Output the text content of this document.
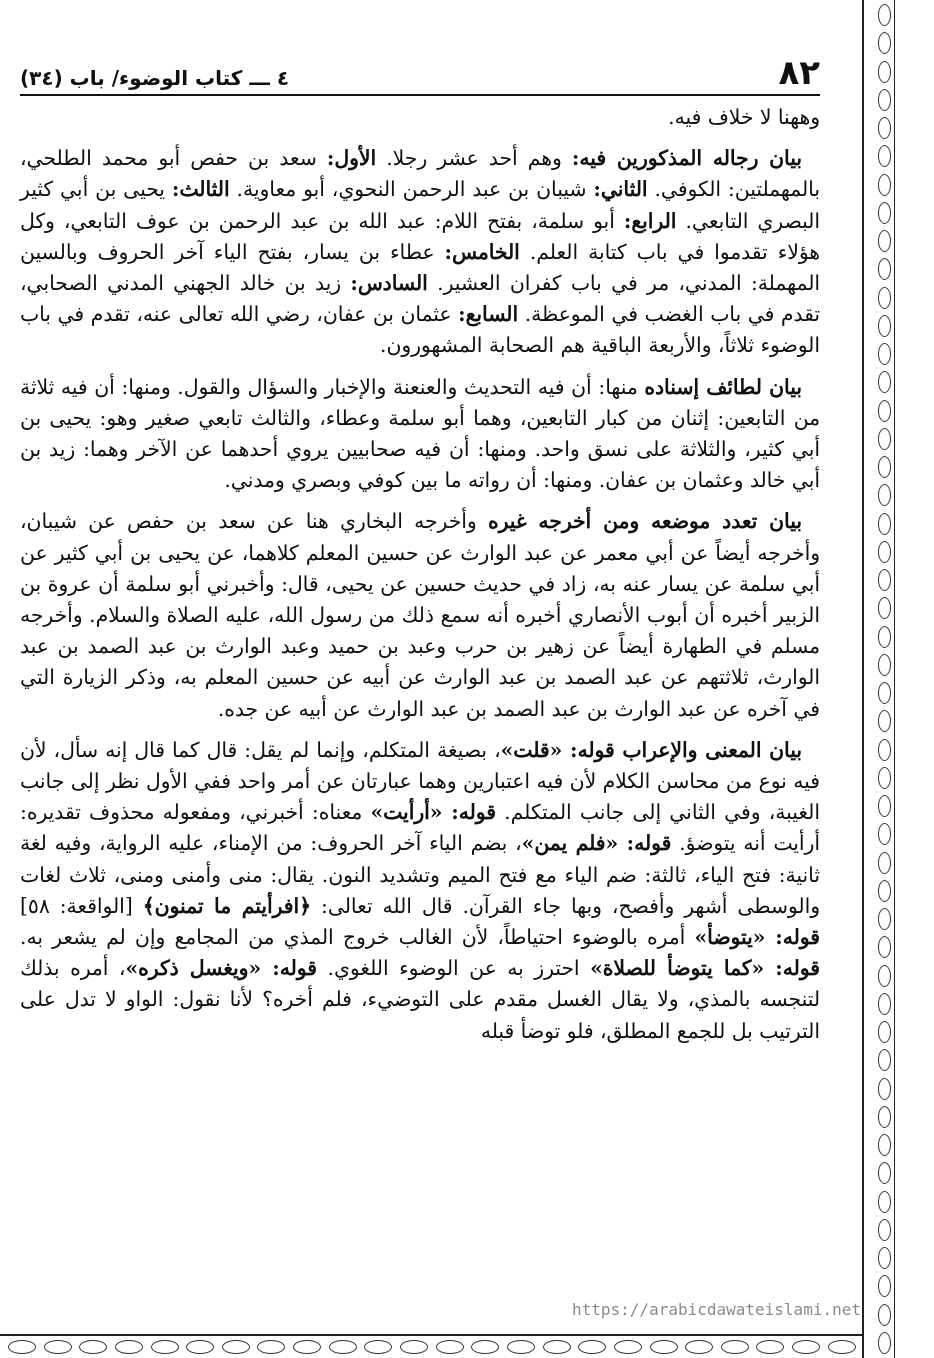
٨٢
٤ ـــ كتاب الوضوء/ باب (٣٤)

وههنا لا خلاف فيه.

بيان رجاله المذكورين فيه: وهم أحد عشر رجلا. الأول: سعد بن حفص أبو محمد الطلحي، بالمهملتين: الكوفي. الثاني: شيبان بن عبد الرحمن النحوي، أبو معاوية. الثالث: يحيى بن أبي كثير البصري التابعي. الرابع: أبو سلمة، بفتح اللام: عبد الله بن عبد الرحمن بن عوف التابعي، وكل هؤلاء تقدموا في باب كتابة العلم. الخامس: عطاء بن يسار، بفتح الياء آخر الحروف وبالسين المهملة: المدني، مر في باب كفران العشير. السادس: زيد بن خالد الجهني المدني الصحابي، تقدم في باب الغضب في الموعظة. السابع: عثمان بن عفان، رضي الله تعالى عنه، تقدم في باب الوضوء ثلاثاً، والأربعة الباقية هم الصحابة المشهورون.

بيان لطائف إسناده منها: أن فيه التحديث والعنعنة والإخبار والسؤال والقول. ومنها: أن فيه ثلاثة من التابعين: إثنان من كبار التابعين، وهما أبو سلمة وعطاء، والثالث تابعي صغير وهو: يحيى بن أبي كثير، والثلاثة على نسق واحد. ومنها: أن فيه صحابيين يروي أحدهما عن الآخر وهما: زيد بن أبي خالد وعثمان بن عفان. ومنها: أن رواته ما بين كوفي وبصري ومدني.

بيان تعدد موضعه ومن أخرجه غيره وأخرجه البخاري هنا عن سعد بن حفص عن شيبان، وأخرجه أيضاً عن أبي معمر عن عبد الوارث عن حسين المعلم كلاهما، عن يحيى بن أبي كثير عن أبي سلمة عن يسار عنه به، زاد في حديث حسين عن يحيى، قال: وأخبرني أبو سلمة أن عروة بن الزبير أخبره أن أبوب الأنصاري أخبره أنه سمع ذلك من رسول الله، عليه الصلاة والسلام. وأخرجه مسلم في الطهارة أيضاً عن زهير بن حرب وعبد بن حميد وعبد الوارث بن عبد الصمد بن عبد الوارث، ثلاثتهم عن عبد الصمد بن عبد الوارث عن أبيه عن حسين المعلم به، وذكر الزيارة التي في آخره عن عبد الوارث بن عبد الصمد بن عبد الوارث عن أبيه عن جده.

بيان المعنى والإعراب قوله: «قلت»، بصيغة المتكلم، وإنما لم يقل: قال كما قال إنه سأل، لأن فيه نوع من محاسن الكلام لأن فيه اعتبارين وهما عبارتان عن أمر واحد ففي الأول نظر إلى جانب الغيبة، وفي الثاني إلى جانب المتكلم. قوله: «أرأيت» معناه: أخبرني، ومفعوله محذوف تقديره: أرأيت أنه يتوضؤ. قوله: «فلم يمن»، بضم الياء آخر الحروف: من الإمناء، عليه الرواية، وفيه لغة ثانية: فتح الياء، ثالثة: ضم الياء مع فتح الميم وتشديد النون. يقال: منى وأمنى ومنى، ثلاث لغات والوسطى أشهر وأفصح، وبها جاء القرآن. قال الله تعالى: ﴿افرأيتم ما تمنون﴾ [الواقعة: ٥٨] قوله: «يتوضأ» أمره بالوضوء احتياطاً، لأن الغالب خروج المذي من المجامع وإن لم يشعر به. قوله: «كما يتوضأ للصلاة» احترز به عن الوضوء اللغوي. قوله: «ويغسل ذكره»، أمره بذلك لتنجسه بالمذي، ولا يقال الغسل مقدم على التوضيء، فلم أخره؟ لأنا نقول: الواو لا تدل على الترتيب بل للجمع المطلق، فلو توضأ قبله

https://arabicdawateislami.net
